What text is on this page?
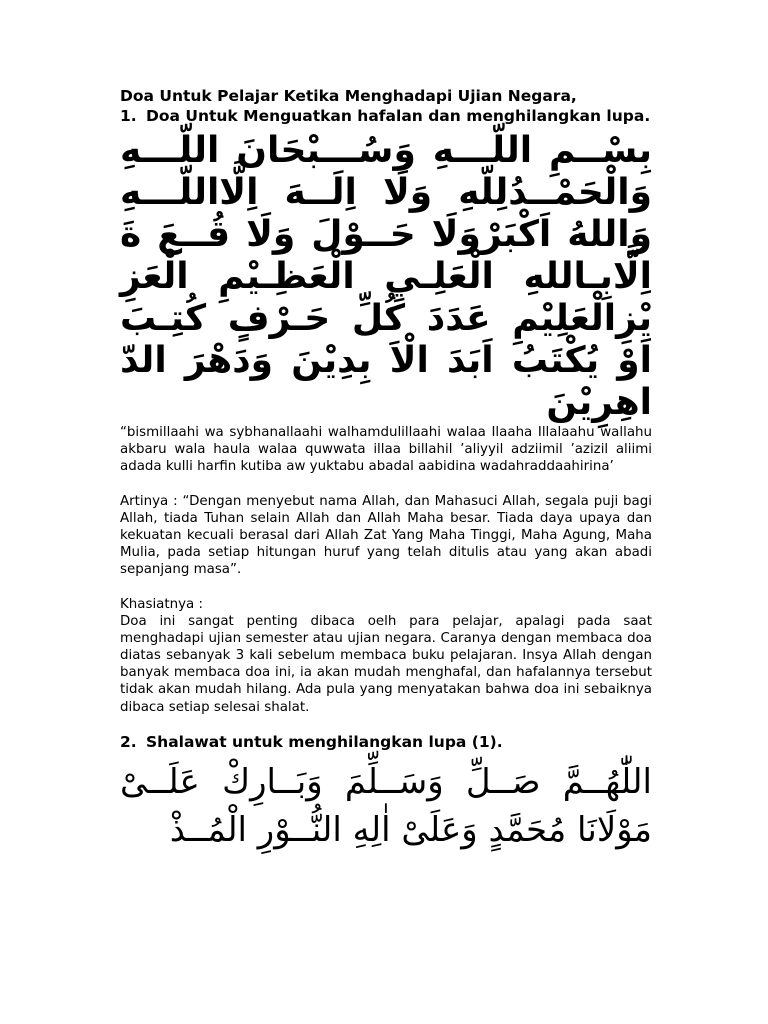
Doa Untuk Pelajar Ketika Menghadapi Ujian Negara,

1. Doa Untuk Menguatkan hafalan dan menghilangkan lupa.

بِسْــمِ اللّـــهِ وَسُـــبْحَانَ اللّـــهِ وَالْحَمْــدُلِلّهِ وَلَا اِلَــهَ اِلَّااللّـــهِ وَاللهُ اَكْبَرْوَلَا حَــوْلَ وَلَا قُــعَ ةَ اِلَّابِـاللهِ الْعَلِـيِ الْعَظِـيْمِ الْعَزِ يْزِالْعَلِيْمِ عَدَدَ كُلِّ حَـرْفٍ كُتِـبَ اَوْ يُكْتَبُ اَبَدَ الْاَ بِدِيْنَ وَدَهْرَ الدّ اهِرِيْنَ

“bismillaahi wa sybhanallaahi walhamdulillaahi walaa Ilaaha Illalaahu wallahu akbaru wala haula walaa quwwata illaa billahil ’aliyyil adziimil ’azizil aliimi adada kulli harfin kutiba aw yuktabu abadal aabidina wadahraddaahirina’

Artinya : “Dengan menyebut nama Allah, dan Mahasuci Allah, segala puji bagi Allah, tiada Tuhan selain Allah dan Allah Maha besar. Tiada daya upaya dan kekuatan kecuali berasal dari Allah Zat Yang Maha Tinggi, Maha Agung, Maha Mulia, pada setiap hitungan huruf yang telah ditulis atau yang akan abadi sepanjang masa”.

Khasiatnya :

Doa ini sangat penting dibaca oelh para pelajar, apalagi pada saat menghadapi ujian semester atau ujian negara. Caranya dengan membaca doa diatas sebanyak 3 kali sebelum membaca buku pelajaran. Insya Allah dengan banyak membaca doa ini, ia akan mudah menghafal, dan hafalannya tersebut tidak akan mudah hilang. Ada pula yang menyatakan bahwa doa ini sebaiknya dibaca setiap selesai shalat.

2. Shalawat untuk menghilangkan lupa (1).

اللّٰهُــمَّ صَــلِّ وَسَــلِّمَ وَبَــارِكْ عَلَــىْ مَوْلَانَا مُحَمَّدٍ وَعَلَىْ اٰلِهِ النُّــوْرِ الْمُــذْ
